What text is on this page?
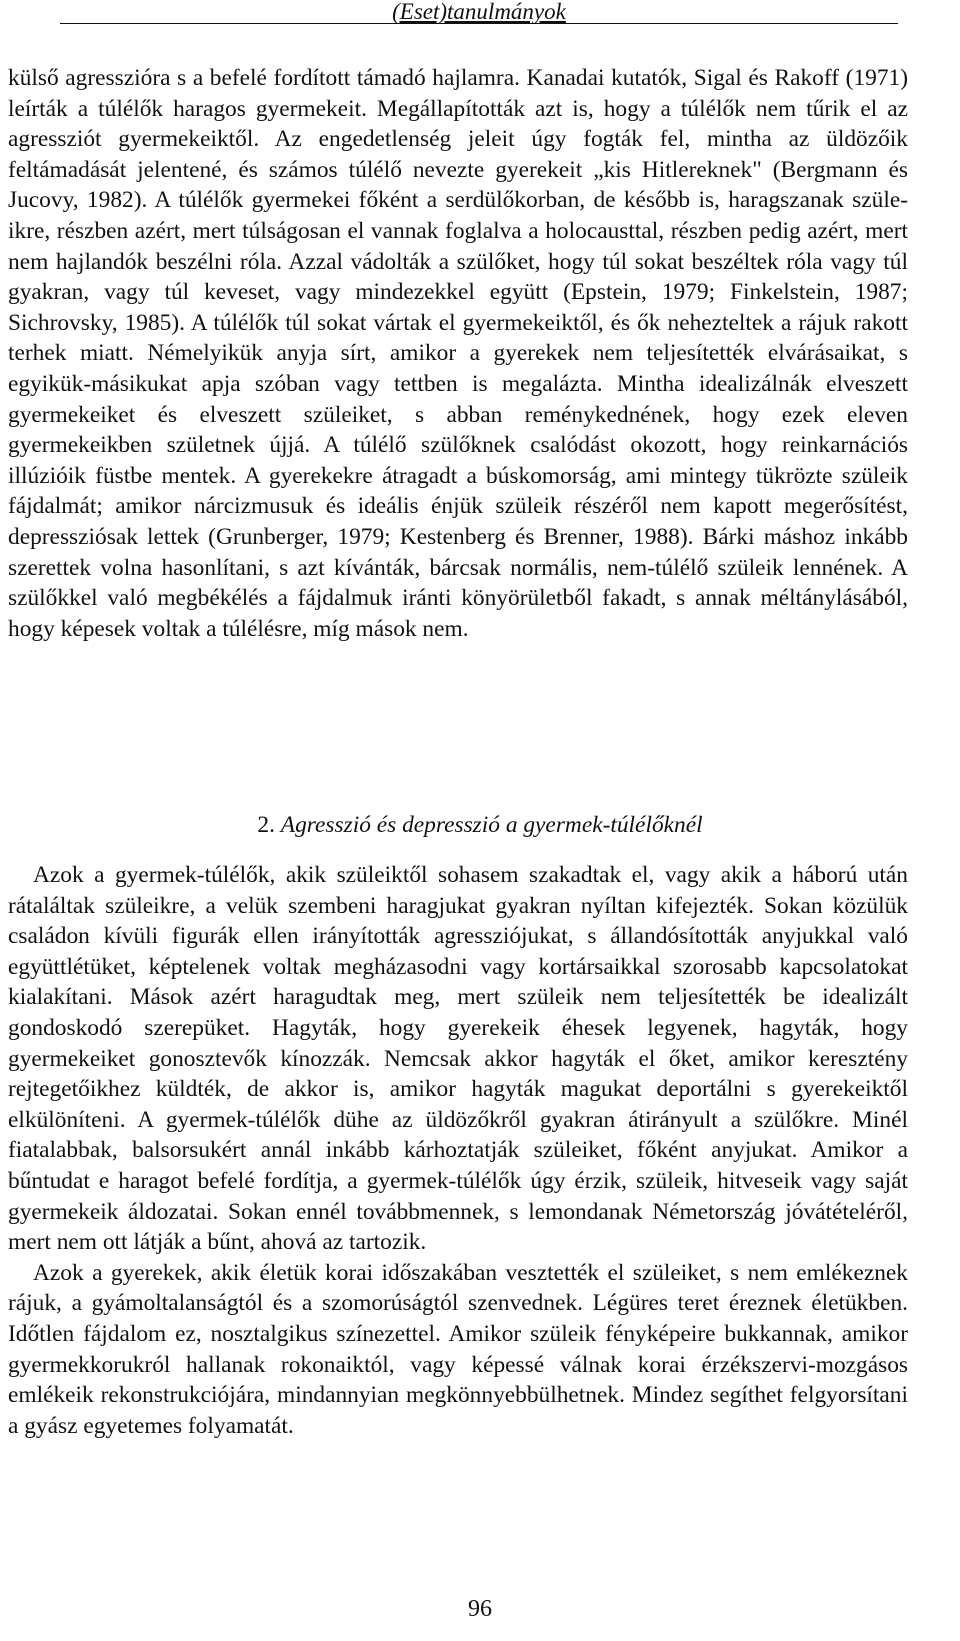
(Eset)tanulmányok

külső agresszióra s a befelé fordított támadó hajlamra. Kanadai kutatók, Sigal és Rakoff (1971) leírták a túlélők haragos gyermekeit. Megállapították azt is, hogy a túlélők nem tűrik el az agressziót gyermekeiktől. Az engedetlenség jeleit úgy fogták fel, mintha az üldözőik feltámadását jelentené, és számos túlélő nevezte gyerekeit „kis Hitlereknek" (Bergmann és Jucovy, 1982). A túlélők gyermekei főként a serdülőkorban, de később is, haragszanak szüleikre, részben azért, mert túlságosan el vannak foglalva a holocausttal, részben pedig azért, mert nem hajlandók beszélni róla. Azzal vádolták a szülőket, hogy túl sokat beszéltek róla vagy túl gyakran, vagy túl keveset, vagy mindezekkel együtt (Epstein, 1979; Finkelstein, 1987; Sichrovsky, 1985). A túlélők túl sokat vártak el gyermekeiktől, és ők nehezteltek a rájuk rakott terhek miatt. Némelyikük anyja sírt, amikor a gyerekek nem teljesítették elvárásaikat, s egyikük-másikukat apja szóban vagy tettben is megalázta. Mintha idealizálnák elveszett gyermekeiket és elveszett szüleiket, s abban reménykednének, hogy ezek eleven gyermekeikben születnek újjá. A túlélő szülőknek csalódást okozott, hogy reinkarnációs illúzióik füstbe mentek. A gyerekekre átragadt a búskomorság, ami mintegy tükrözte szüleik fájdalmát; amikor nárcizmusuk és ideális énjük szüleik részéről nem kapott megerősítést, depressziósak lettek (Grunberger, 1979; Kestenberg és Brenner, 1988). Bárki máshoz inkább szerettek volna hasonlítani, s azt kívánták, bárcsak normális, nem-túlélő szüleik lennének. A szülőkkel való megbékélés a fájdalmuk iránti könyörületből fakadt, s annak méltánylásából, hogy képesek voltak a túlélésre, míg mások nem.

2. Agresszió és depresszió a gyermek-túlélőknél

Azok a gyermek-túlélők, akik szüleiktől sohasem szakadtak el, vagy akik a háború után rátaláltak szüleikre, a velük szembeni haragjukat gyakran nyíltan kifejezték. Sokan közülük családon kívüli figurák ellen irányították agressziójukat, s állandósították anyjukkal való együttlétüket, képtelenek voltak megházasodni vagy kortársaikkal szorosabb kapcsolatokat kialakítani. Mások azért haragudtak meg, mert szüleik nem teljesítették be idealizált gondoskodó szerepüket. Hagyták, hogy gyerekeik éhesek legyenek, hagyták, hogy gyermekeiket gonosztevők kínozzák. Nemcsak akkor hagyták el őket, amikor keresztény rejtegetőikhez küldték, de akkor is, amikor hagyták magukat deportálni s gyerekeiktől elkülöníteni. A gyermek-túlélők dühe az üldözőkről gyakran átirányult a szülőkre. Minél fiatalabbak, balsorsukért annál inkább kárhoztatják szüleiket, főként anyjukat. Amikor a bűntudat e haragot befelé fordítja, a gyermek-túlélők úgy érzik, szüleik, hitveseik vagy saját gyermekeik áldozatai. Sokan ennél továbbmennek, s lemondanak Németország jóvátételéről, mert nem ott látják a bűnt, ahová az tartozik.

Azok a gyerekek, akik életük korai időszakában vesztették el szüleiket, s nem emlékeznek rájuk, a gyámoltalanságtól és a szomorúságtól szenvednek. Légüres teret éreznek életükben. Időtlen fájdalom ez, nosztalgikus színezettel. Amikor szüleik fényképeire bukkannak, amikor gyermekkorukról hallanak rokonaiktól, vagy képessé válnak korai érzékszervi-mozgásos emlékeik rekonstrukciójára, mindannyian megkönnyebbülhetnek. Mindez segíthet felgyorsítani a gyász egyetemes folyamatát.

96
